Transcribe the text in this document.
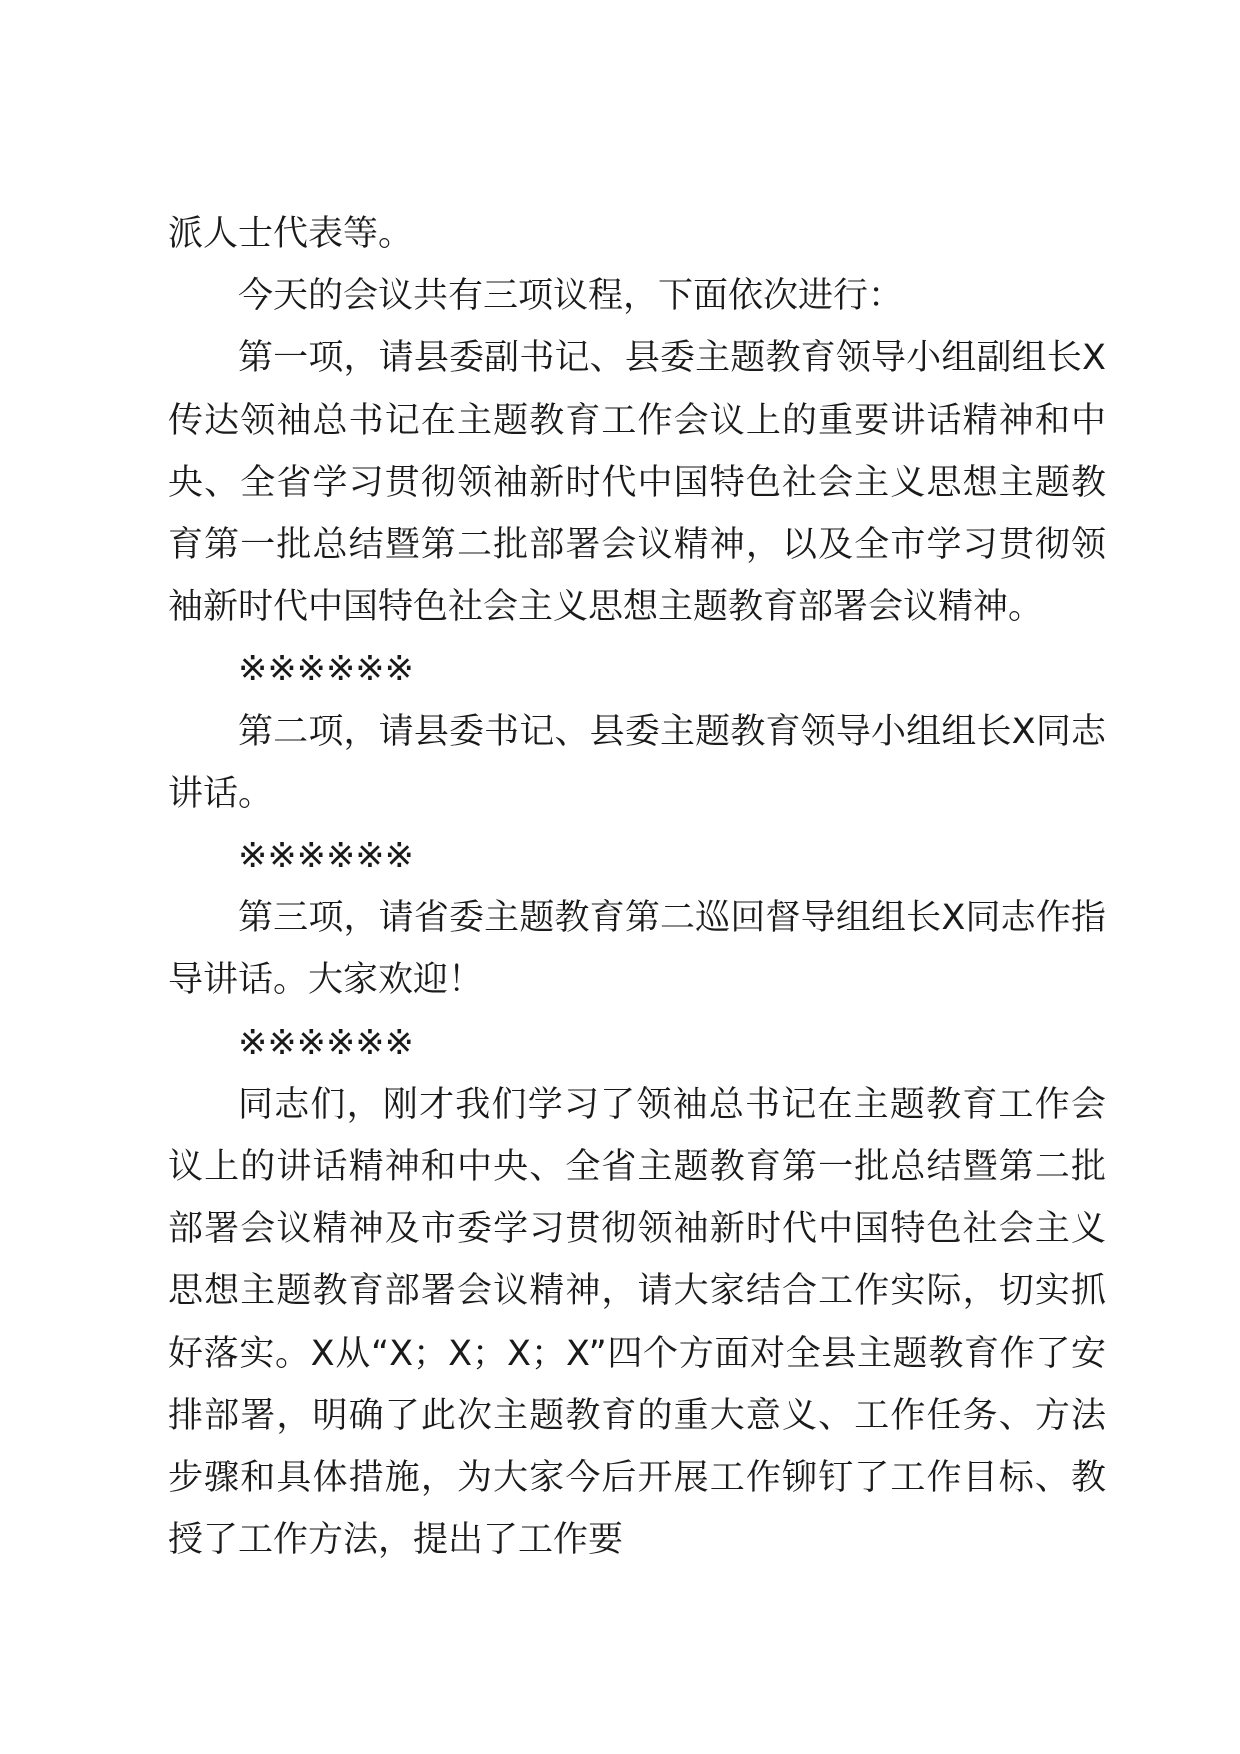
派人士代表等。

今天的会议共有三项议程，下面依次进行：

第一项，请县委副书记、县委主题教育领导小组副组长X传达领袖总书记在主题教育工作会议上的重要讲话精神和中央、全省学习贯彻领袖新时代中国特色社会主义思想主题教育第一批总结暨第二批部署会议精神，以及全市学习贯彻领袖新时代中国特色社会主义思想主题教育部署会议精神。

※※※※※※

第二项，请县委书记、县委主题教育领导小组组长X同志讲话。

※※※※※※

第三项，请省委主题教育第二巡回督导组组长X同志作指导讲话。大家欢迎！

※※※※※※

同志们，刚才我们学习了领袖总书记在主题教育工作会议上的讲话精神和中央、全省主题教育第一批总结暨第二批部署会议精神及市委学习贯彻领袖新时代中国特色社会主义思想主题教育部署会议精神，请大家结合工作实际，切实抓好落实。X从“X；X；X；X”四个方面对全县主题教育作了安排部署，明确了此次主题教育的重大意义、工作任务、方法步骤和具体措施，为大家今后开展工作铆钉了工作目标、教授了工作方法，提出了工作要
